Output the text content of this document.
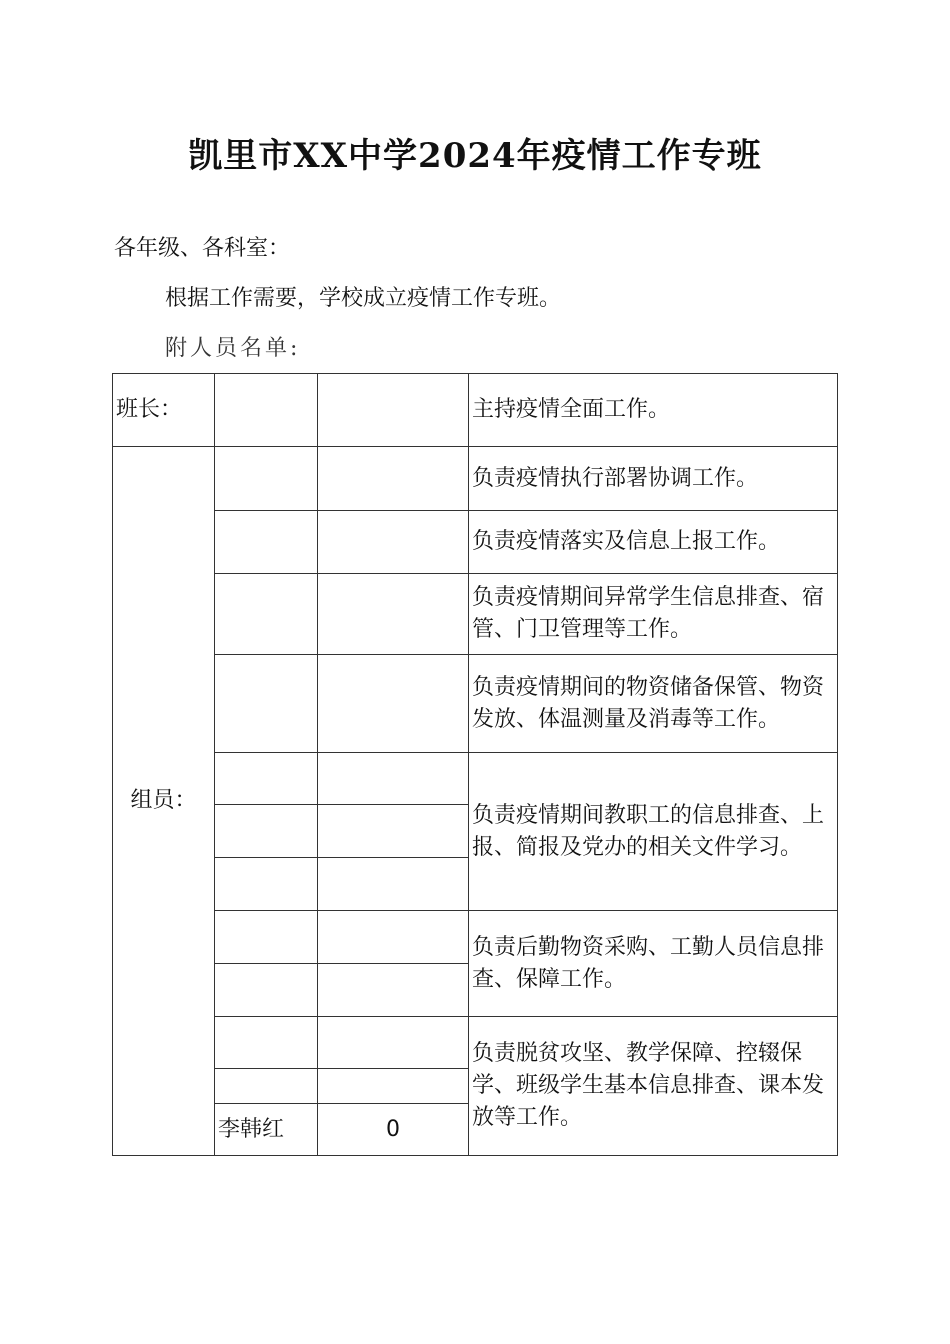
凯里市XX中学2024年疫情工作专班
各年级、各科室：
根据工作需要，学校成立疫情工作专班。
附人员名单:
班长：			主持疫情全面工作。
组员：			负责疫情执行部署协调工作。
			负责疫情落实及信息上报工作。
			负责疫情期间异常学生信息排查、宿管、门卫管理等工作。
			负责疫情期间的物资储备保管、物资发放、体温测量及消毒等工作。
			负责疫情期间教职工的信息排查、上报、简报及党办的相关文件学习。

			负责后勤物资采购、工勤人员信息排查、保障工作。

			负责脱贫攻坚、教学保障、控辍保学、班级学生基本信息排查、课本发放等工作。

	李韩红	0	
